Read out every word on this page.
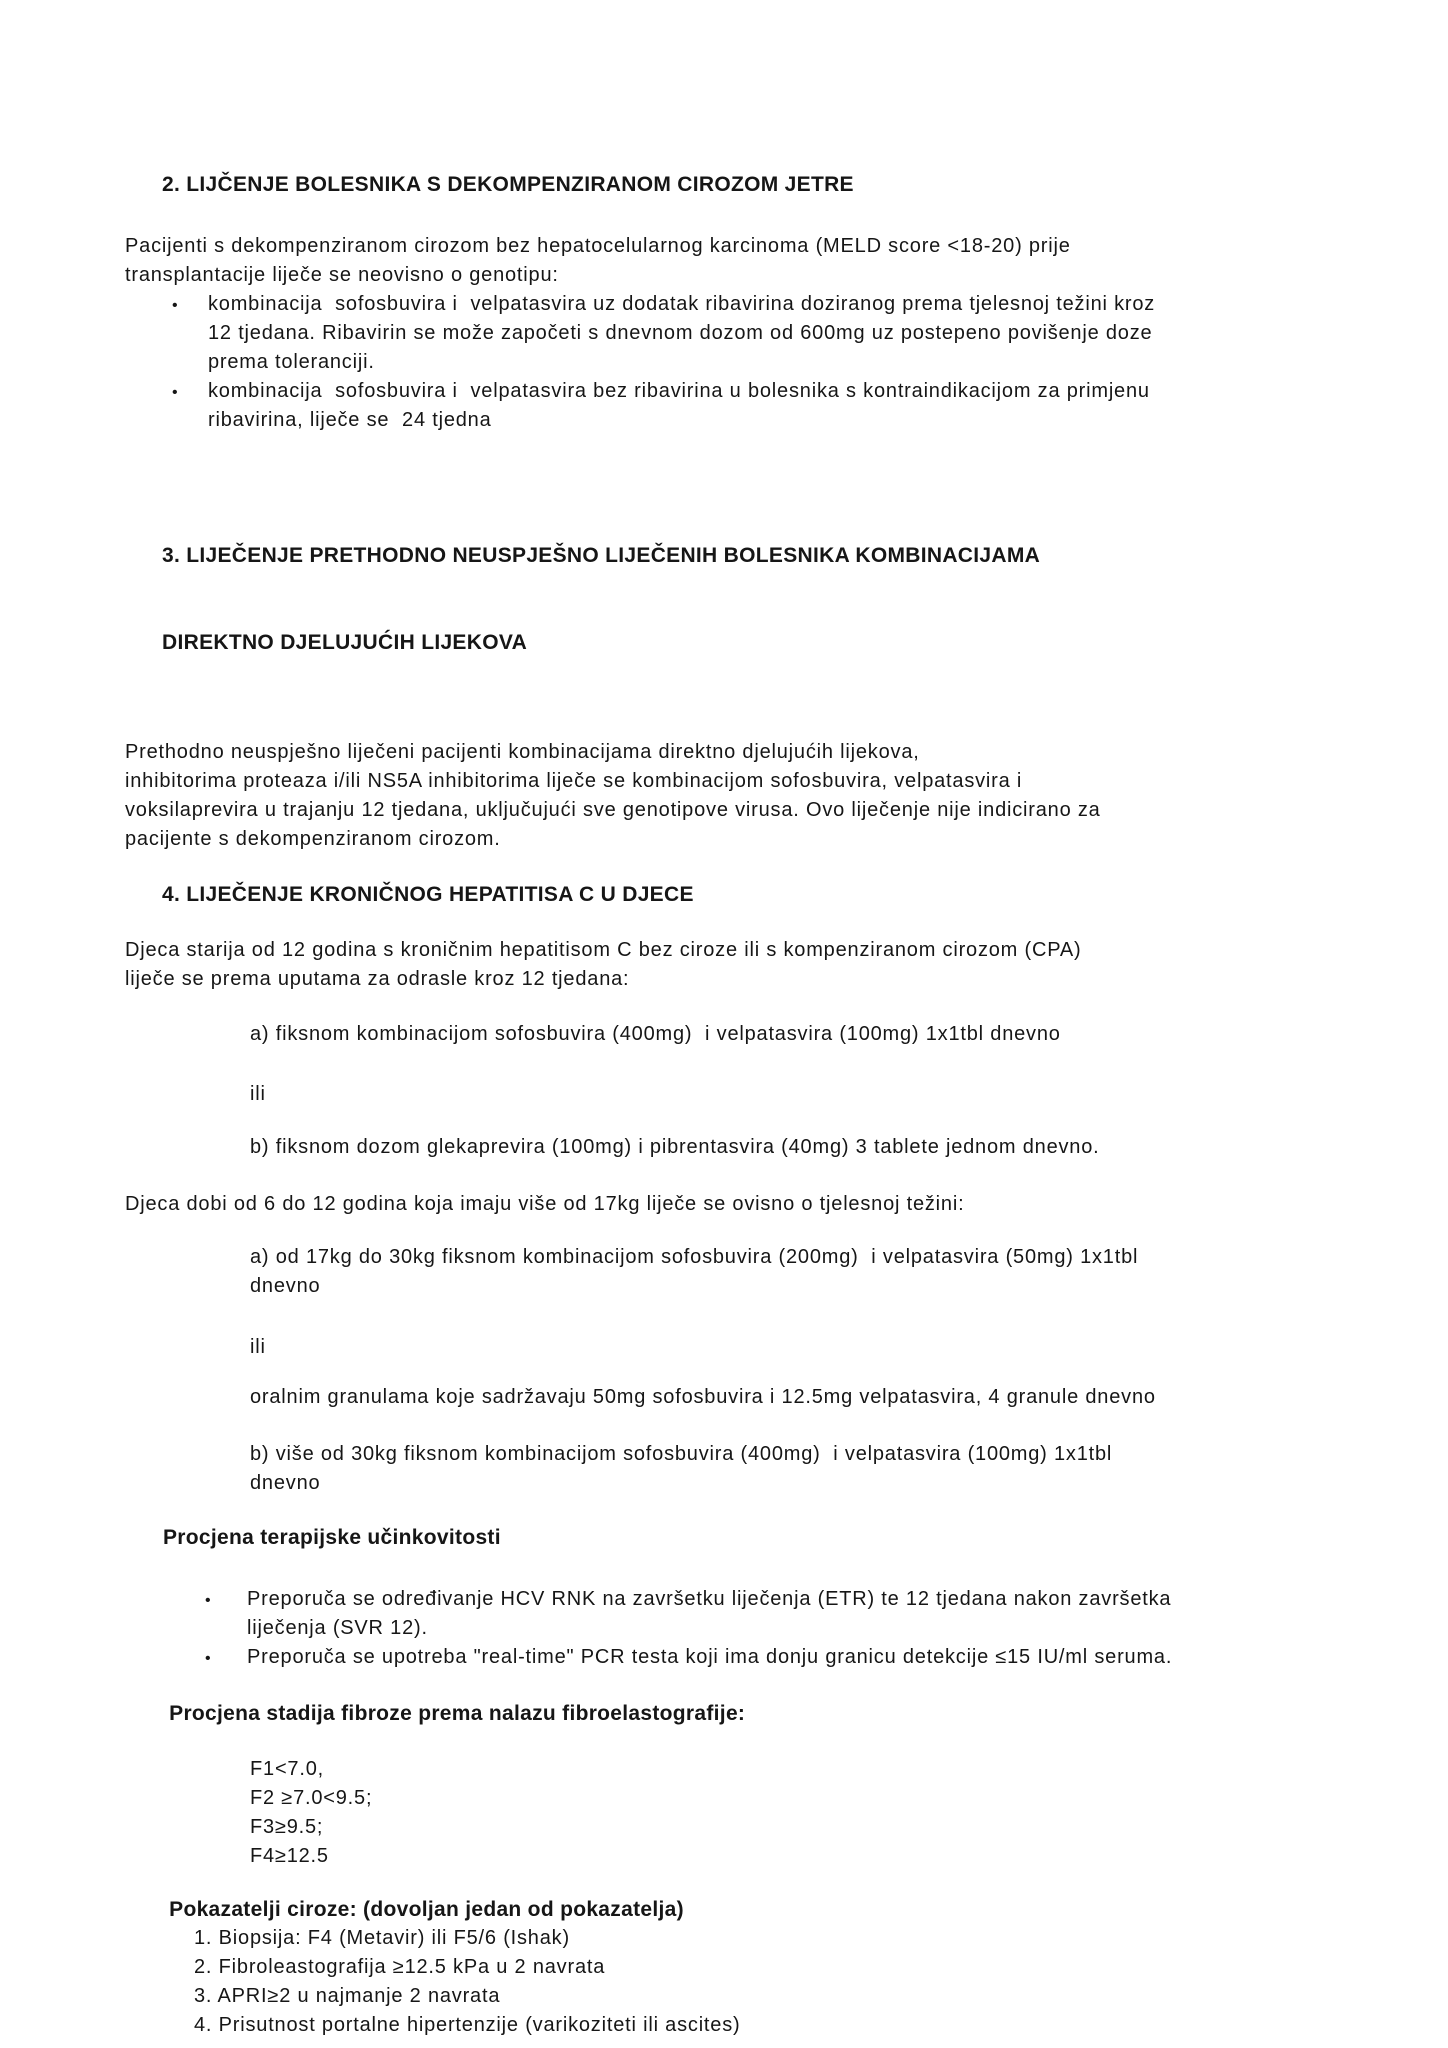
2. LIJČENJE BOLESNIKA S DEKOMPENZIRANOM CIROZOM JETRE
Pacijenti s dekompenziranom cirozom bez hepatocelularnog karcinoma (MELD score <18-20) prije
transplantacije liječe se neovisno o genotipu:
•	kombinacija  sofosbuvira i  velpatasvira uz dodatak ribavirina doziranog prema tjelesnoj težini kroz
12 tjedana. Ribavirin se može započeti s dnevnom dozom od 600mg uz postepeno povišenje doze
prema toleranciji.
•	kombinacija  sofosbuvira i  velpatasvira bez ribavirina u bolesnika s kontraindikacijom za primjenu
ribavirina, liječe se  24 tjedna

3. LIJEČENJE PRETHODNO NEUSPJEŠNO LIJEČENIH BOLESNIKA KOMBINACIJAMA

DIREKTNO DJELUJUĆIH LIJEKOVA

Prethodno neuspješno liječeni pacijenti kombinacijama direktno djelujućih lijekova,
inhibitorima proteaza i/ili NS5A inhibitorima liječe se kombinacijom sofosbuvira, velpatasvira i
voksilaprevira u trajanju 12 tjedana, uključujući sve genotipove virusa. Ovo liječenje nije indicirano za
pacijente s dekompenziranom cirozom.
4. LIJEČENJE KRONIČNOG HEPATITISA C U DJECE
Djeca starija od 12 godina s kroničnim hepatitisom C bez ciroze ili s kompenziranom cirozom (CPA)
liječe se prema uputama za odrasle kroz 12 tjedana:
a) fiksnom kombinacijom sofosbuvira (400mg)  i velpatasvira (100mg) 1x1tbl dnevno
ili
b) fiksnom dozom glekaprevira (100mg) i pibrentasvira (40mg) 3 tablete jednom dnevno.
Djeca dobi od 6 do 12 godina koja imaju više od 17kg liječe se ovisno o tjelesnoj težini:
a) od 17kg do 30kg fiksnom kombinacijom sofosbuvira (200mg)  i velpatasvira (50mg) 1x1tbl
dnevno
ili
oralnim granulama koje sadržavaju 50mg sofosbuvira i 12.5mg velpatasvira, 4 granule dnevno
b) više od 30kg fiksnom kombinacijom sofosbuvira (400mg)  i velpatasvira (100mg) 1x1tbl
dnevno
Procjena terapijske učinkovitosti
•	Preporuča se određivanje HCV RNK na završetku liječenja (ETR) te 12 tjedana nakon završetka
liječenja (SVR 12).
•	Preporuča se upotreba "real-time" PCR testa koji ima donju granicu detekcije ≤15 IU/ml seruma.
Procjena stadija fibroze prema nalazu fibroelastografije:
F1<7.0,
F2 ≥7.0<9.5;
F3≥9.5;
F4≥12.5
Pokazatelji ciroze: (dovoljan jedan od pokazatelja)
1. Biopsija: F4 (Metavir) ili F5/6 (Ishak)
2. Fibroleastografija ≥12.5 kPa u 2 navrata
3. APRI≥2 u najmanje 2 navrata
4. Prisutnost portalne hipertenzije (varikoziteti ili ascites)
